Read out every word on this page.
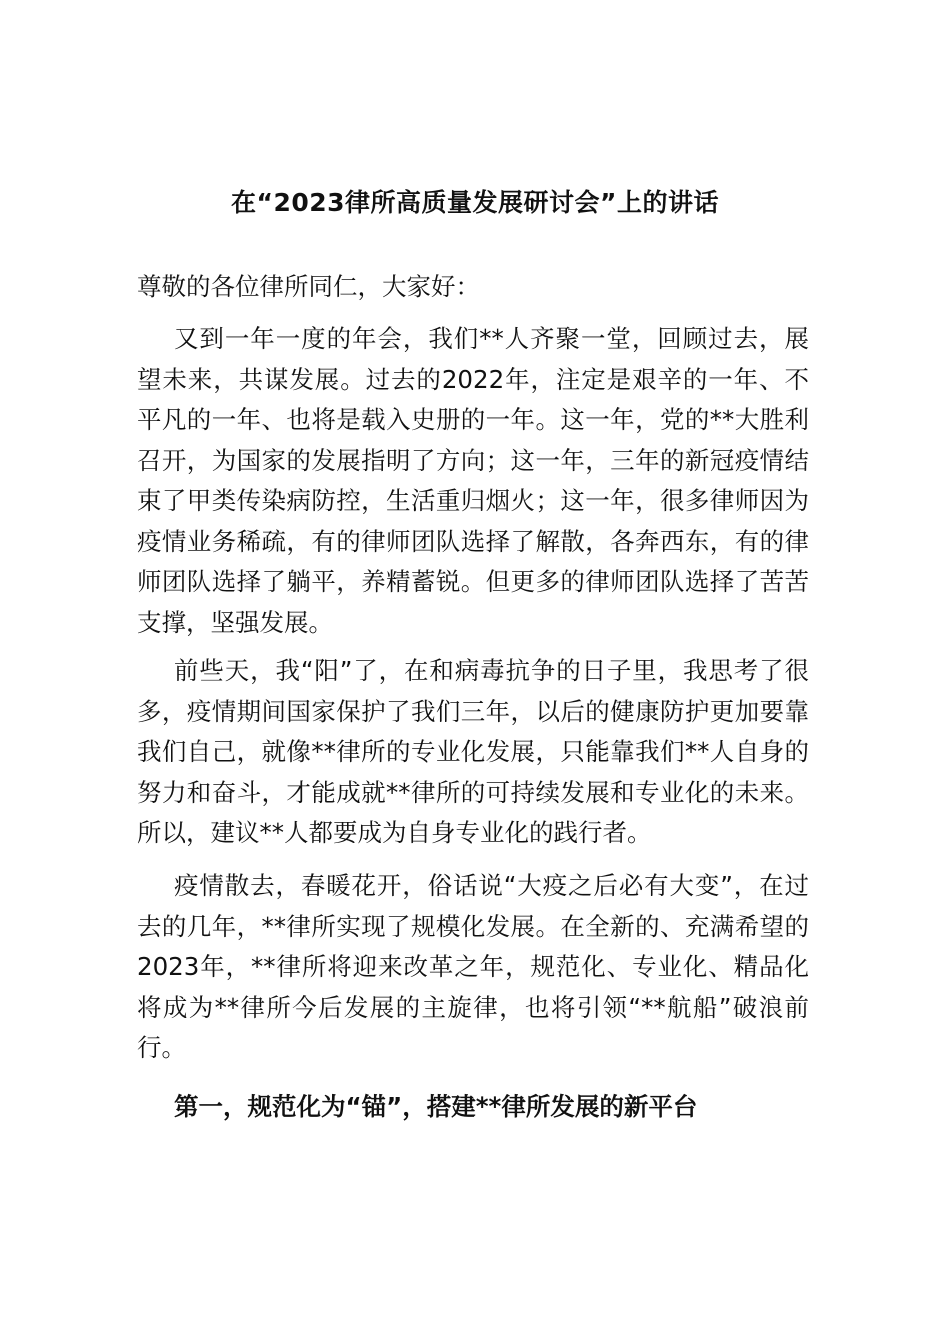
在“2023律所高质量发展研讨会”上的讲话

尊敬的各位律所同仁，大家好：

又到一年一度的年会，我们**人齐聚一堂，回顾过去，展望未来，共谋发展。过去的2022年，注定是艰辛的一年、不平凡的一年、也将是载入史册的一年。这一年，党的**大胜利召开，为国家的发展指明了方向；这一年，三年的新冠疫情结束了甲类传染病防控，生活重归烟火；这一年，很多律师因为疫情业务稀疏，有的律师团队选择了解散，各奔西东，有的律师团队选择了躺平，养精蓄锐。但更多的律师团队选择了苦苦支撑，坚强发展。

前些天，我“阳”了，在和病毒抗争的日子里，我思考了很多，疫情期间国家保护了我们三年，以后的健康防护更加要靠我们自己，就像**律所的专业化发展，只能靠我们**人自身的努力和奋斗，才能成就**律所的可持续发展和专业化的未来。所以，建议**人都要成为自身专业化的践行者。

疫情散去，春暖花开，俗话说“大疫之后必有大变”，在过去的几年，**律所实现了规模化发展。在全新的、充满希望的2023年，**律所将迎来改革之年，规范化、专业化、精品化将成为**律所今后发展的主旋律，也将引领“**航船”破浪前行。

第一，规范化为“锚”，搭建**律所发展的新平台
